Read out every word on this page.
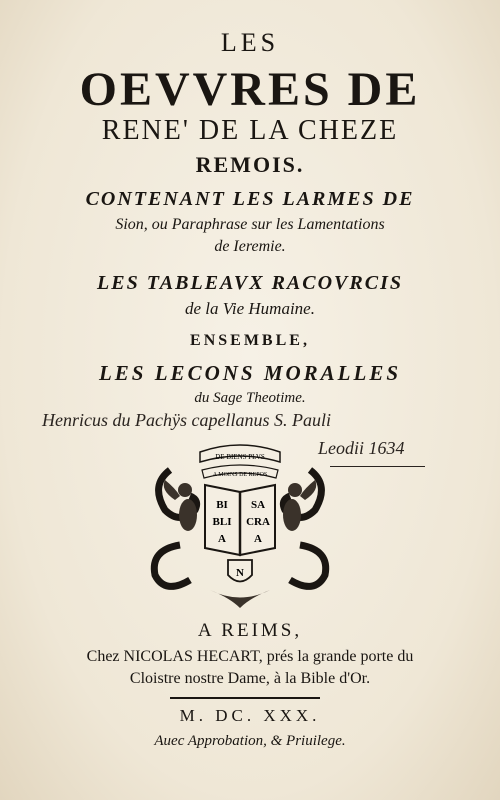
LES
OEVVRES DE
RENE' DE LA CHEZE
REMOIS.
CONTENANT LES LARMES DE
Sion, ou Paraphrase sur les Lamentations
de Ieremie.
LES TABLEAVX RACOVRCIS
de la Vie Humaine.
ENSEMBLE,
LES LECONS MORALLES
du Sage Theotime.
Henricus du Pachÿs capellanus S. Pauli
Leodii 1634
DE BIENS PLVS
A MOINS DE REPOS
BI
BLI
A
SA
CRA
A
N
A REIMS,
Chez NICOLAS HECART, prés la grande porte du
Cloistre nostre Dame, à la Bible d'Or.
M. DC. XXX.
Auec Approbation, & Priuilege.
